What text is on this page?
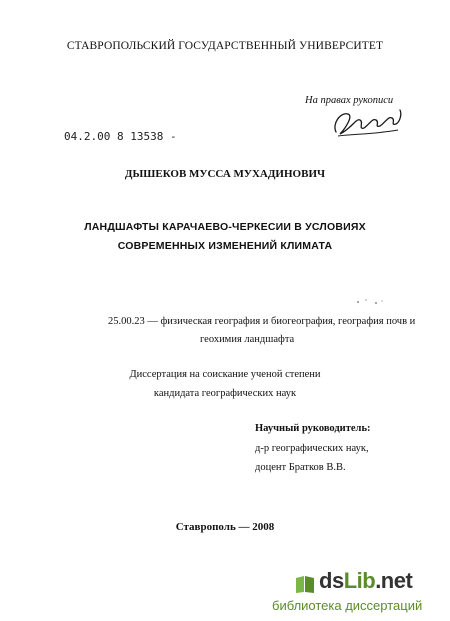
СТАВРОПОЛЬСКИЙ ГОСУДАРСТВЕННЫЙ УНИВЕРСИТЕТ
На правах рукописи
04.2.00 8 13538 -
ДЫШЕКОВ МУССА МУХАДИНОВИЧ
ЛАНДШАФТЫ КАРАЧАЕВО-ЧЕРКЕСИИ В УСЛОВИЯХ
СОВРЕМЕННЫХ ИЗМЕНЕНИЙ КЛИМАТА
25.00.23 — физическая география и биогеография, география почв и
геохимия ландшафта
Диссертация на соискание ученой степени
кандидата географических наук
Научный руководитель:
д-р географических наук,
доцент Братков В.В.
Ставрополь — 2008
dsLib.net
библиотека диссертаций
